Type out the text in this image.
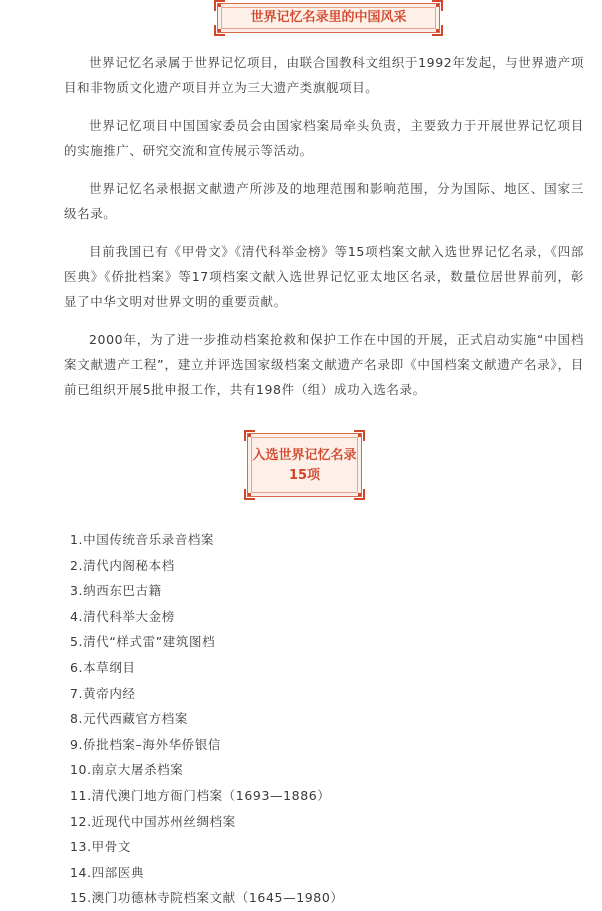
世界记忆名录里的中国风采

世界记忆名录属于世界记忆项目，由联合国教科文组织于1992年发起，与世界遗产项目和非物质文化遗产项目并立为三大遗产类旗舰项目。

世界记忆项目中国国家委员会由国家档案局牵头负责，主要致力于开展世界记忆项目的实施推广、研究交流和宣传展示等活动。

世界记忆名录根据文献遗产所涉及的地理范围和影响范围，分为国际、地区、国家三级名录。

目前我国已有《甲骨文》《清代科举金榜》等15项档案文献入选世界记忆名录，《四部医典》《侨批档案》等17项档案文献入选世界记忆亚太地区名录，数量位居世界前列，彰显了中华文明对世界文明的重要贡献。

2000年，为了进一步推动档案抢救和保护工作在中国的开展，正式启动实施“中国档案文献遗产工程”，建立并评选国家级档案文献遗产名录即《中国档案文献遗产名录》，目前已组织开展5批申报工作，共有198件（组）成功入选名录。

入选世界记忆名录
15项
1.中国传统音乐录音档案
2.清代内阁秘本档
3.纳西东巴古籍
4.清代科举大金榜
5.清代“样式雷”建筑图档
6.本草纲目
7.黄帝内经
8.元代西藏官方档案
9.侨批档案–海外华侨银信
10.南京大屠杀档案
11.清代澳门地方衙门档案（1693—1886）
12.近现代中国苏州丝绸档案
13.甲骨文
14.四部医典
15.澳门功德林寺院档案文献（1645—1980）
